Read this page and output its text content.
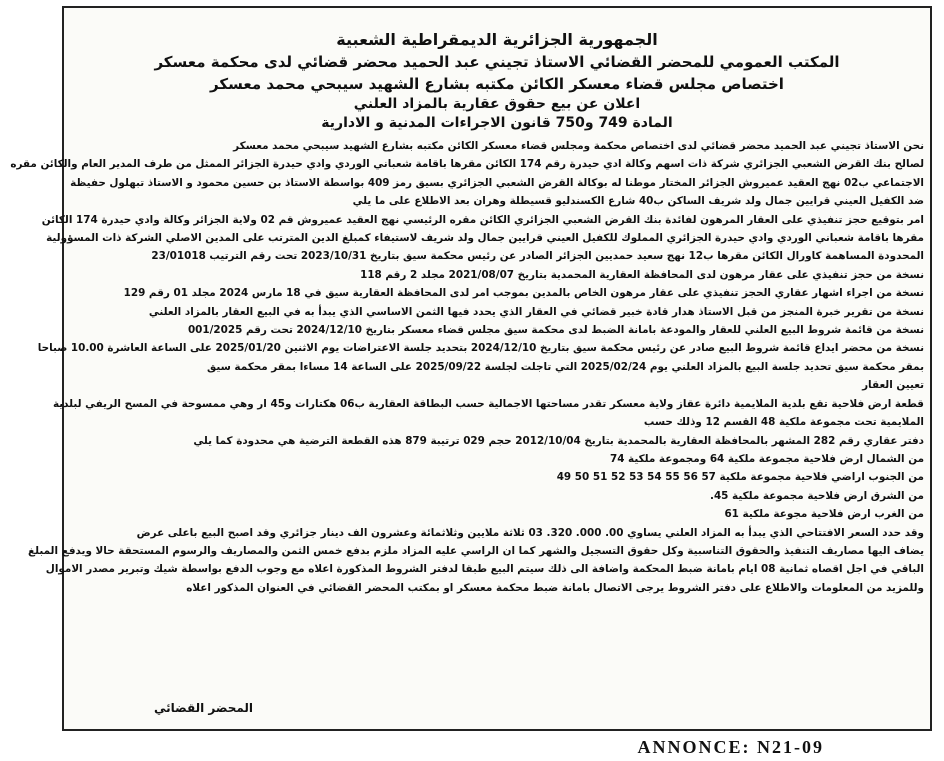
الجمهورية الجزائرية الديمقراطية الشعبية
المكتب العمومي للمحضر القضائي الاستاذ تجيني عبد الحميد محضر قضائي لدى محكمة معسكر
اختصاص مجلس قضاء معسكر الكائن مكتبه بشارع الشهيد سيبحي محمد معسكر
اعلان عن بيع حقوق عقارية بالمزاد العلني
المادة 749 و750 قانون الاجراءات المدنية و الادارية
نحن الاستاذ تجيني عبد الحميد محضر قضائي لدى اختصاص محكمة ومجلس قضاء معسكر الكائن مكتبه بشارع الشهيد سيبحي محمد معسكر
لصالح بنك القرض الشعبي الجزائري شركة ذات اسهم وكالة ادي حيدرة رقم 174 الكائن مقرها باقامة شعباني الوردي وادي حيدرة الجزائر الممثل من طرف المدير العام والكائن مقره
الاجتماعي ب02 نهج العقيد عميروش الجزائر المختار موطنا له بوكالة القرض الشعبي الجزائري بسيق رمز 409 بواسطة الاستاذ بن حسين محمود و الاستاذ تبهلول حفيظة
ضد الكفيل العيني قرايين جمال ولد شريف الساكن ب40 شارع الكسندليو قسيطلة وهران بعد الاطلاع على ما يلي
امر بتوقيع حجز تنفيذي على العقار المرهون لفائدة بنك القرض الشعبي الجزائري الكائن مقره الرئيسي نهج العقيد عميروش قم 02 ولاية الجزائر وكالة وادي حيدرة 174 الكائن
مقرها باقامة شعباني الوردي وادي حيدرة الجزائري المملوك للكفيل العيني قرايين جمال ولد شريف لاستيفاء كمبلغ الدين المترتب على المدين الاصلي الشركة ذات المسؤولية
المحدودة المساهمة كاورال الكائن مقرها ب12 نهج سعيد حمديين الجزائر الصادر عن رئيس محكمة سيق بتاريخ 2023/10/31 تحت رقم الترتيب 23/01018
نسخة من حجز تنفيذي على عقار مرهون لدى المحافظة العقارية المحمدية بتاريخ 2021/08/07 مجلد 2 رقم 118
نسخة من اجراء اشهار عقاري الحجز تنفيذي على عقار مرهون الخاص بالمدين بموجب امر لدى المحافظة العقارية سيق في 18 مارس 2024 مجلد 01 رقم 129
نسخة من تقرير خبرة المنجز من قبل الاستاذ هدار قادة خبير قضائي في العقار الذي يحدد فيها الثمن الاساسي الذي يبدأ به في البيع العقار بالمزاد العلني
نسخة من قائمة شروط البيع العلني للعقار والمودعة بامانة الضبط لدى محكمة سيق مجلس قضاء معسكر بتاريخ 2024/12/10 تحت رقم 001/2025
نسخة من محضر ايداع قائمة شروط البيع صادر عن رئيس محكمة سيق بتاريخ 2024/12/10 بتحديد جلسة الاعتراضات يوم الاثنين 2025/01/20 على الساعة العاشرة 10.00 صباحا
بمقر محكمة سيق تحديد جلسة البيع بالمزاد العلني يوم 2025/02/24 التي تاجلت لجلسة 2025/09/22 على الساعة 14 مساءا بمقر محكمة سيق
تعيين العقار
قطعة ارض فلاحية تقع بلدية الملايمية دائرة عقاز ولاية معسكر تقدر مساحتها الاجمالية حسب البطاقة العقارية ب06 هكتارات و45 ار وهي ممسوحة في المسح الريفي لبلدية
الملايمية تحت مجموعة ملكية 48 القسم 12 وذلك حسب
دفتر عقاري رقم 282 المشهر بالمحافظة العقارية بالمحمدية بتاريخ 2012/10/04 حجم 029 ترتيبة 879 هذه القطعة الترضية هي محدودة كما يلي
من الشمال ارض فلاحية مجموعة ملكية 64 ومجموعة ملكية 74
من الجنوب اراضي فلاحية مجموعة ملكية 57 56 55 54 53 52 51 50 49
من الشرق ارض فلاحية مجموعة ملكية 45.
من الغرب ارض فلاحية مجوعة ملكية 61
وقد حدد السعر الافتتاحي الذي يبدأ به المزاد العلني يساوي 00. 000. 320. 03 ثلاثة ملايين وثلاثمائة وعشرون الف دينار جزائري وقد اصبح البيع باعلى عرض
يضاف اليها مصاريف التنفيذ والحقوق التناسبية وكل حقوق التسجيل والشهر كما ان الراسي عليه المزاد ملزم بدفع خمس الثمن والمصاريف والرسوم المستحقة حالا ويدفع المبلغ
الباقي في اجل اقصاه ثمانية 08 ايام بامانة ضبط المحكمة واضافة الى ذلك سيتم البيع طبقا لدفتر الشروط المذكورة اعلاه مع وجوب الدفع بواسطة شيك وتبرير مصدر الاموال
وللمزيد من المعلومات والاطلاع على دفتر الشروط يرجى الاتصال بامانة ضبط محكمة معسكر او بمكتب المحضر القضائي في العنوان المذكور اعلاه
المحضر القضائي
ANNONCE: N21-09
